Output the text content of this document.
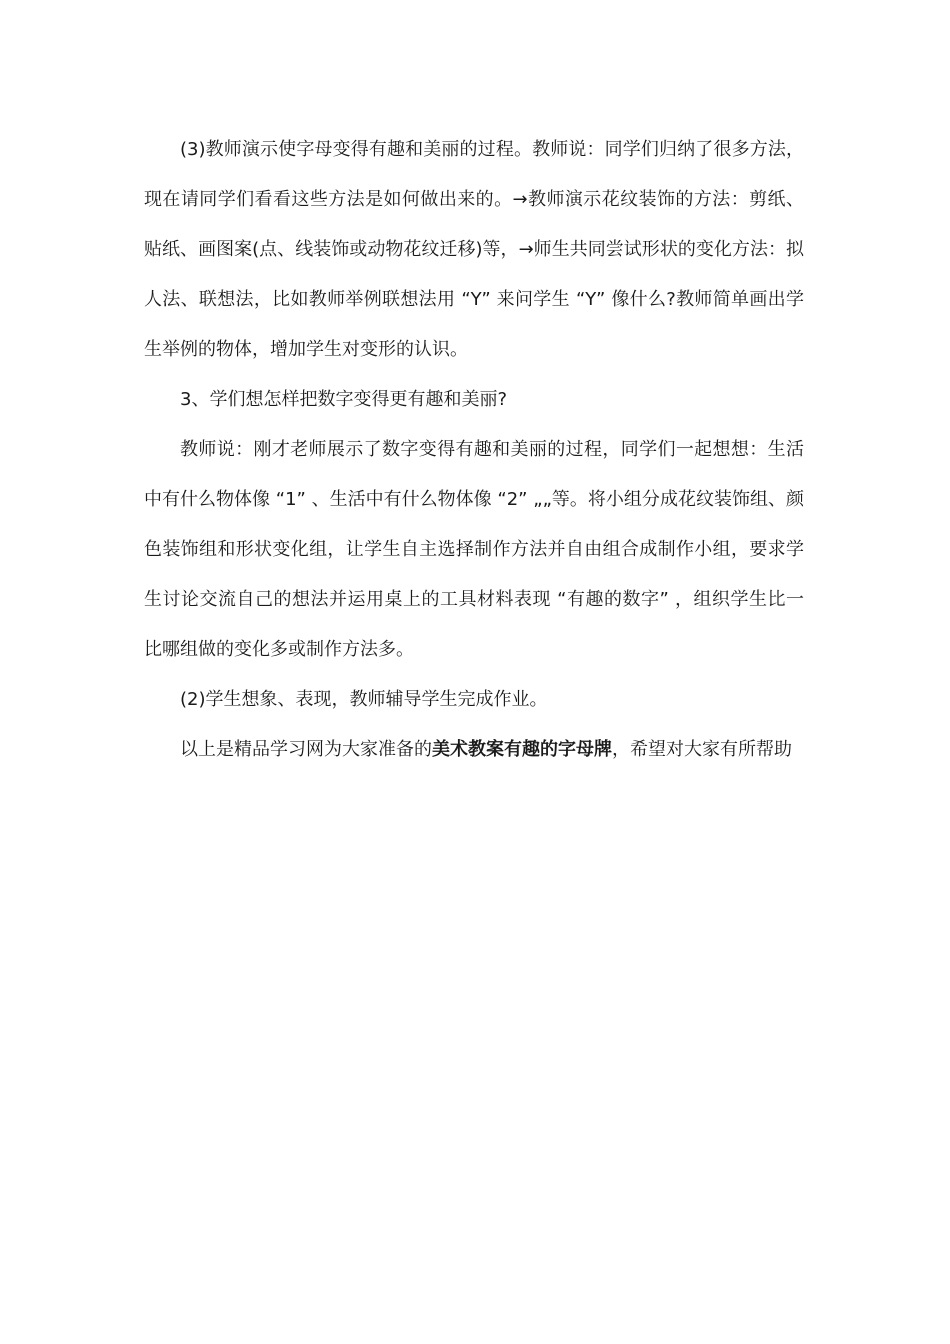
(3)教师演示使字母变得有趣和美丽的过程。教师说：同学们归纳了很多方法，现在请同学们看看这些方法是如何做出来的。→教师演示花纹装饰的方法：剪纸、贴纸、画图案(点、线装饰或动物花纹迁移)等，→师生共同尝试形状的变化方法：拟人法、联想法，比如教师举例联想法用 “Y” 来问学生 “Y” 像什么?教师简单画出学生举例的物体，增加学生对变形的认识。

3、学们想怎样把数字变得更有趣和美丽?

教师说：刚才老师展示了数字变得有趣和美丽的过程，同学们一起想想：生活中有什么物体像 “1” 、生活中有什么物体像 “2” „„等。将小组分成花纹装饰组、颜色装饰组和形状变化组，让学生自主选择制作方法并自由组合成制作小组，要求学生讨论交流自己的想法并运用桌上的工具材料表现 “有趣的数字” ，组织学生比一比哪组做的变化多或制作方法多。

(2)学生想象、表现，教师辅导学生完成作业。

以上是精品学习网为大家准备的美术教案有趣的字母牌，希望对大家有所帮助
